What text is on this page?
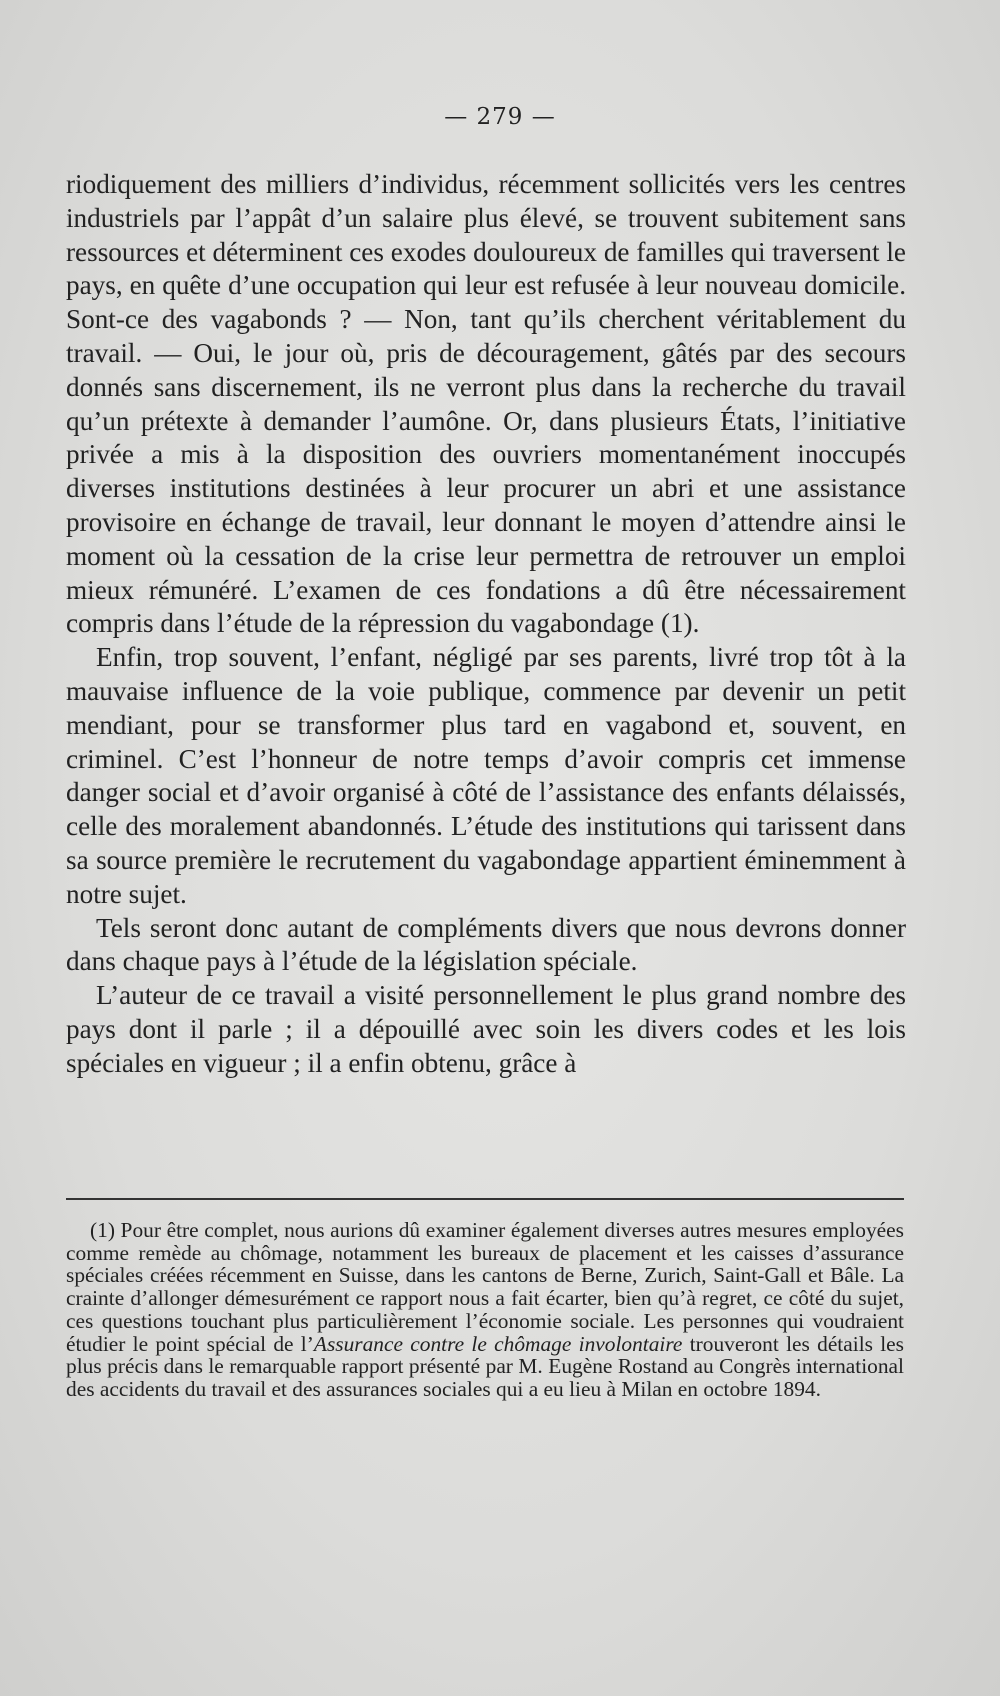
— 279 —

riodiquement des milliers d’individus, récemment sollicités vers les centres industriels par l’appât d’un salaire plus élevé, se trouvent subitement sans ressources et déterminent ces exodes douloureux de familles qui traversent le pays, en quête d’une occupation qui leur est refusée à leur nouveau domicile. Sont-ce des vagabonds ? — Non, tant qu’ils cherchent véritablement du travail. — Oui, le jour où, pris de découragement, gâtés par des secours donnés sans discernement, ils ne verront plus dans la recherche du travail qu’un prétexte à demander l’aumône. Or, dans plusieurs États, l’initiative privée a mis à la disposition des ouvriers momentanément inoccupés diverses institutions destinées à leur procurer un abri et une assistance provisoire en échange de travail, leur donnant le moyen d’attendre ainsi le moment où la cessation de la crise leur permettra de retrouver un emploi mieux rémunéré. L’examen de ces fondations a dû être nécessairement compris dans l’étude de la répression du vagabondage (1).

Enfin, trop souvent, l’enfant, négligé par ses parents, livré trop tôt à la mauvaise influence de la voie publique, commence par devenir un petit mendiant, pour se transformer plus tard en vagabond et, souvent, en criminel. C’est l’honneur de notre temps d’avoir compris cet immense danger social et d’avoir organisé à côté de l’assistance des enfants délaissés, celle des moralement abandonnés. L’étude des institutions qui tarissent dans sa source première le recrutement du vagabondage appartient éminemment à notre sujet.

Tels seront donc autant de compléments divers que nous devrons donner dans chaque pays à l’étude de la législation spéciale.

L’auteur de ce travail a visité personnellement le plus grand nombre des pays dont il parle ; il a dépouillé avec soin les divers codes et les lois spéciales en vigueur ; il a enfin obtenu, grâce à

(1) Pour être complet, nous aurions dû examiner également diverses autres mesures employées comme remède au chômage, notamment les bureaux de placement et les caisses d’assurance spéciales créées récemment en Suisse, dans les cantons de Berne, Zurich, Saint-Gall et Bâle. La crainte d’allonger démesurément ce rapport nous a fait écarter, bien qu’à regret, ce côté du sujet, ces questions touchant plus particulièrement l’économie sociale. Les personnes qui voudraient étudier le point spécial de l’Assurance contre le chômage involontaire trouveront les détails les plus précis dans le remarquable rapport présenté par M. Eugène Rostand au Congrès international des accidents du travail et des assurances sociales qui a eu lieu à Milan en octobre 1894.
